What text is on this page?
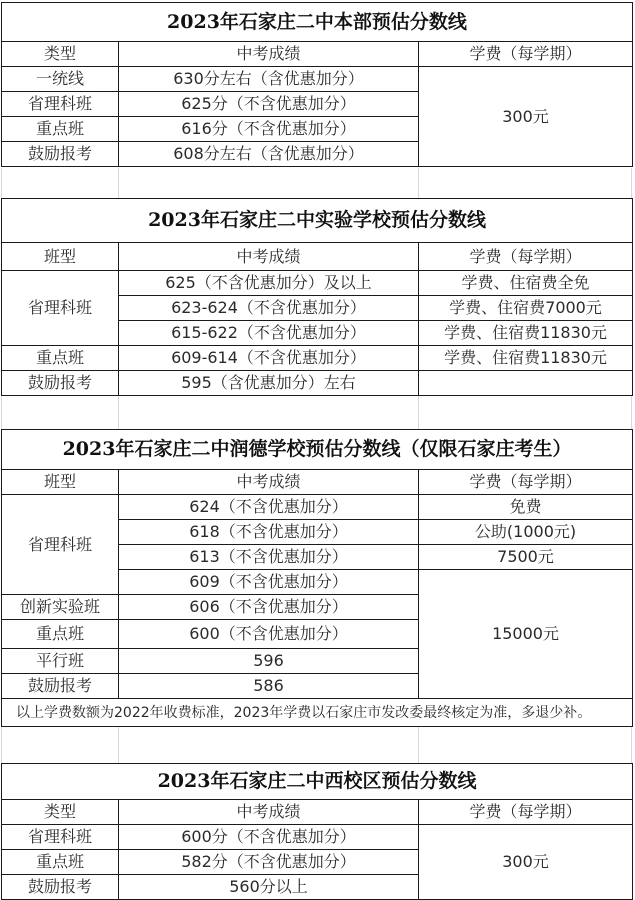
2023年石家庄二中本部预估分数线		
类型	中考成绩	学费（每学期）
一统线	630分左右（含优惠加分）	300元
省理科班	625分（不含优惠加分）	
重点班	616分（不含优惠加分）	
鼓励报考	608分左右（含优惠加分）	
2023年石家庄二中实验学校预估分数线		
班型	中考成绩	学费（每学期）
省理科班	625（不含优惠加分）及以上	学费、住宿费全免
	623-624（不含优惠加分）	学费、住宿费7000元
	615-622（不含优惠加分）	学费、住宿费11830元
重点班	609-614（不含优惠加分）	学费、住宿费11830元
鼓励报考	595（含优惠加分）左右	
2023年石家庄二中润德学校预估分数线（仅限石家庄考生）		
班型	中考成绩	学费（每学期）
省理科班	624（不含优惠加分）	免费
	618（不含优惠加分）	公助(1000元)
	613（不含优惠加分）	7500元
	609（不含优惠加分）	15000元
创新实验班	606（不含优惠加分）	
重点班	600（不含优惠加分）	
平行班	596	
鼓励报考	586	
以上学费数额为2022年收费标准，2023年学费以石家庄市发改委最终核定为准，多退少补。		
2023年石家庄二中西校区预估分数线		
类型	中考成绩	学费（每学期）
省理科班	600分（不含优惠加分）	300元
重点班	582分（不含优惠加分）	
鼓励报考	560分以上	
